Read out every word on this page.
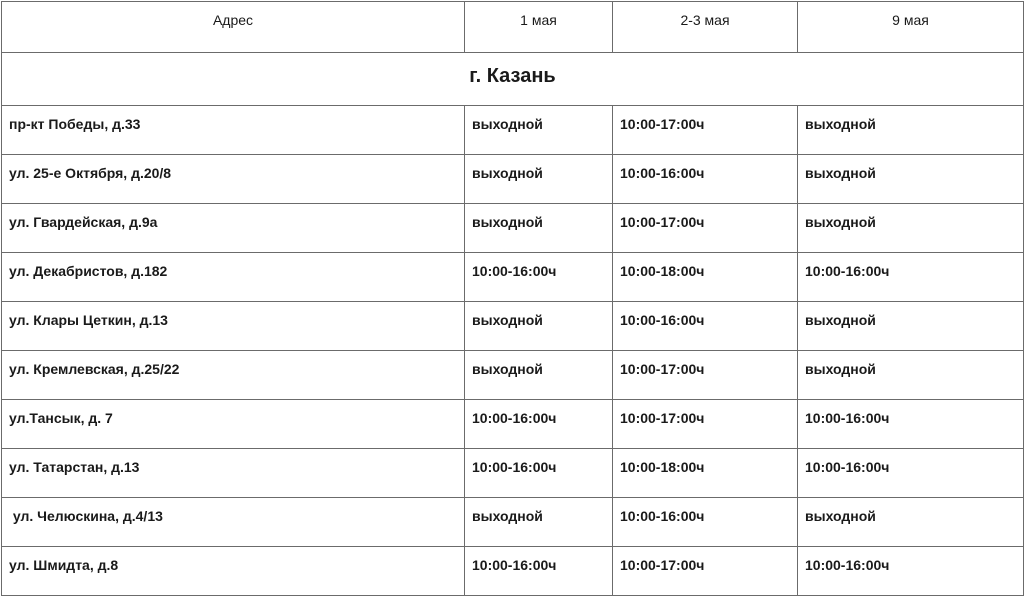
Адрес	1 мая	2-3 мая	9 мая
г. Казань			
пр-кт Победы, д.33	выходной	10:00-17:00ч	выходной
ул. 25-е Октября, д.20/8	выходной	10:00-16:00ч	выходной
ул. Гвардейская, д.9а	выходной	10:00-17:00ч	выходной
ул. Декабристов, д.182	10:00-16:00ч	10:00-18:00ч	10:00-16:00ч
ул. Клары Цеткин, д.13	выходной	10:00-16:00ч	выходной
ул. Кремлевская, д.25/22	выходной	10:00-17:00ч	выходной
ул.Тансык, д. 7	10:00-16:00ч	10:00-17:00ч	10:00-16:00ч
ул. Татарстан, д.13	10:00-16:00ч	10:00-18:00ч	10:00-16:00ч
ул. Челюскина, д.4/13	выходной	10:00-16:00ч	выходной
ул. Шмидта, д.8	10:00-16:00ч	10:00-17:00ч	10:00-16:00ч
